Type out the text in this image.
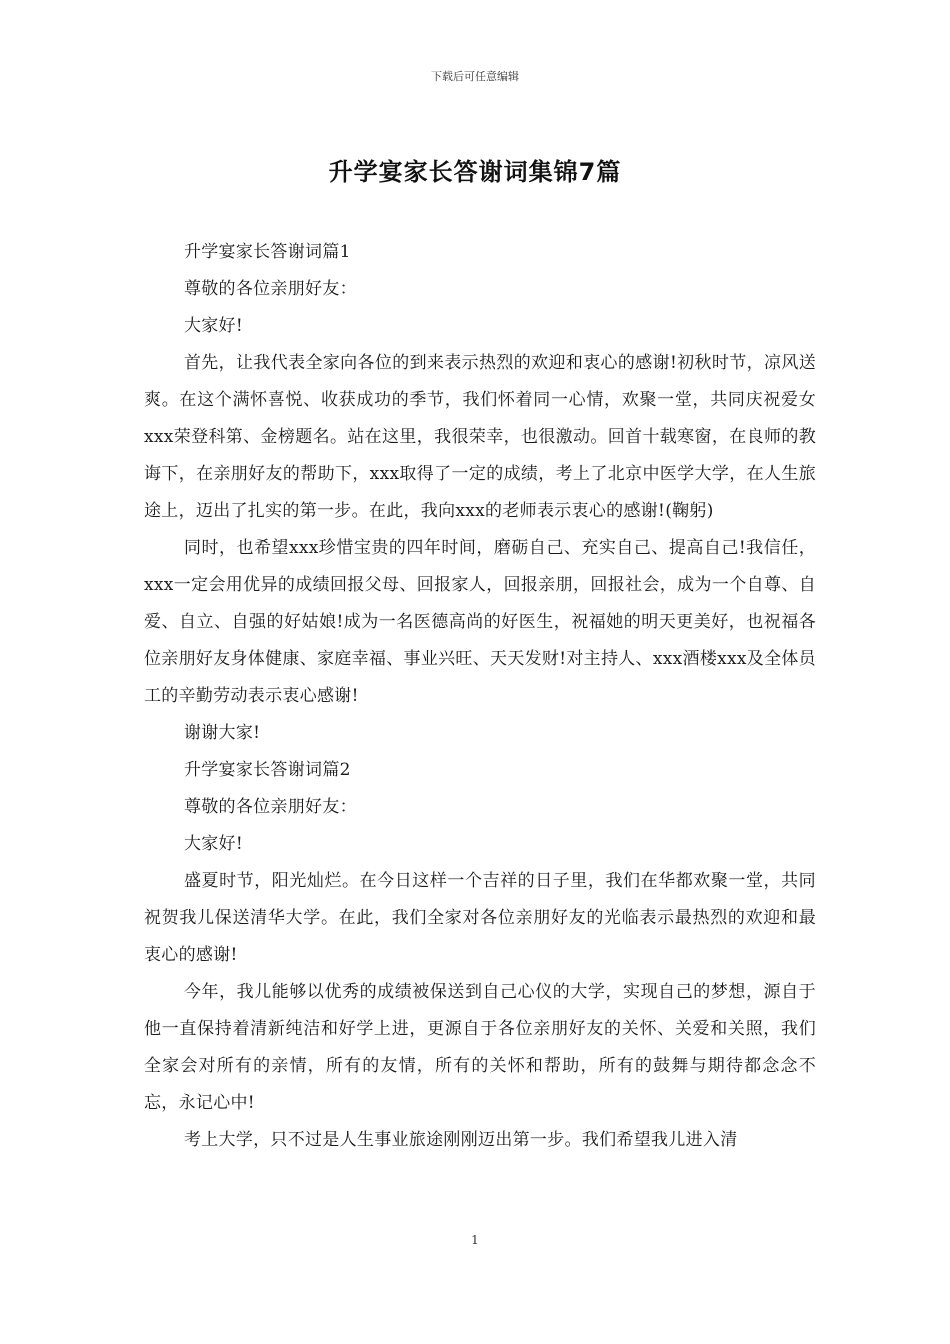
下载后可任意编辑
升学宴家长答谢词集锦7篇

升学宴家长答谢词篇1

尊敬的各位亲朋好友：

大家好!

首先，让我代表全家向各位的到来表示热烈的欢迎和衷心的感谢!初秋时节，凉风送爽。在这个满怀喜悦、收获成功的季节，我们怀着同一心情，欢聚一堂，共同庆祝爱女xxx荣登科第、金榜题名。站在这里，我很荣幸，也很激动。回首十载寒窗，在良师的教诲下，在亲朋好友的帮助下，xxx取得了一定的成绩，考上了北京中医学大学，在人生旅途上，迈出了扎实的第一步。在此，我向xxx的老师表示衷心的感谢!(鞠躬)

同时，也希望xxx珍惜宝贵的四年时间，磨砺自己、充实自己、提高自己!我信任，xxx一定会用优异的成绩回报父母、回报家人，回报亲朋，回报社会，成为一个自尊、自爱、自立、自强的好姑娘!成为一名医德高尚的好医生，祝福她的明天更美好，也祝福各位亲朋好友身体健康、家庭幸福、事业兴旺、天天发财!对主持人、xxx酒楼xxx及全体员工的辛勤劳动表示衷心感谢!

谢谢大家!

升学宴家长答谢词篇2

尊敬的各位亲朋好友：

大家好!

盛夏时节，阳光灿烂。在今日这样一个吉祥的日子里，我们在华都欢聚一堂，共同祝贺我儿保送清华大学。在此，我们全家对各位亲朋好友的光临表示最热烈的欢迎和最衷心的感谢!

今年，我儿能够以优秀的成绩被保送到自己心仪的大学，实现自己的梦想，源自于他一直保持着清新纯洁和好学上进，更源自于各位亲朋好友的关怀、关爱和关照，我们全家会对所有的亲情，所有的友情，所有的关怀和帮助，所有的鼓舞与期待都念念不忘，永记心中!

考上大学，只不过是人生事业旅途刚刚迈出第一步。我们希望我儿进入清

1
